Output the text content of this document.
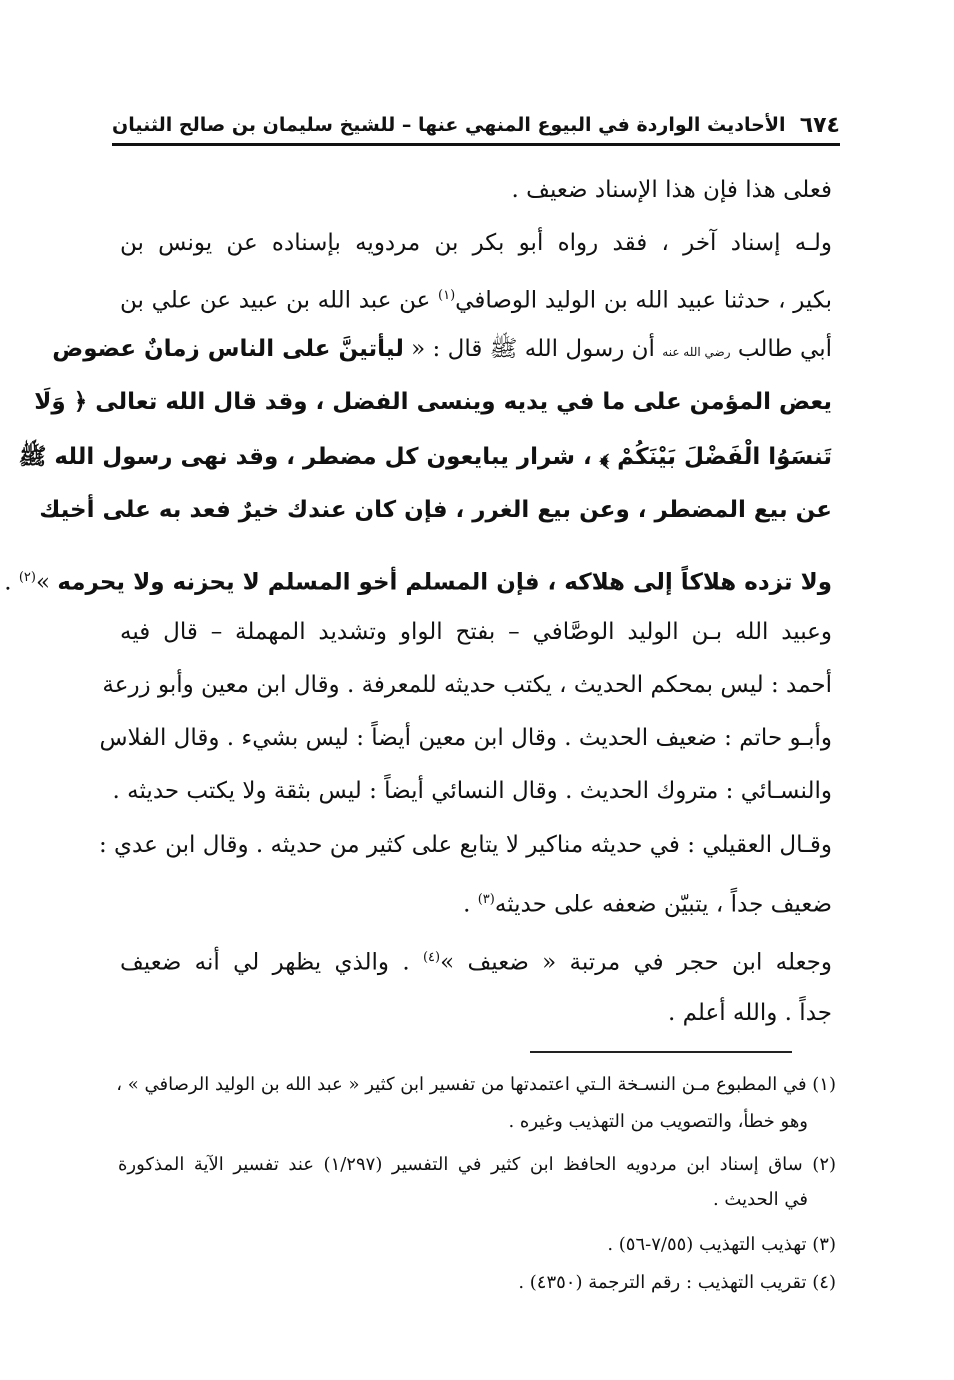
٦٧٤
الأحاديث الواردة في البيوع المنهي عنها – للشيخ سليمان بن صالح الثنيان
فعلى هذا فإن هذا الإسناد ضعيف .
ولـه إسناد آخر ، فقد رواه أبو بكر بن مردويه بإسناده عن يونس بن
بكير ، حدثنا عبيد الله بن الوليد الوصافي$^{(١)}$ عن عبد الله بن عبيد عن علي بن
أبي طالب رضي الله عنه أن رسول الله ﷺ قال : « ليأتينَّ على الناس زمانٌ عضوض
يعض المؤمن على ما في يديه وينسى الفضل ، وقد قال الله تعالى ﴿ وَلَا
تَنسَوُا الْفَضْلَ بَيْنَكُمْ ﴾ ، شرار يبايعون كل مضطر ، وقد نهى رسول الله ﷺ
عن بيع المضطر ، وعن بيع الغرر ، فإن كان عندك خيرٌ فعد به على أخيك
ولا تزده هلاكاً إلى هلاكه ، فإن المسلم أخو المسلم لا يحزنه ولا يحرمه »$^{(٢)}$ .
وعبيد الله بـن الوليد الوصَّافي – بفتح الواو وتشديد المهملة – قال فيه
أحمد : ليس بمحكم الحديث ، يكتب حديثه للمعرفة . وقال ابن معين وأبو زرعة
وأبـو حاتم : ضعيف الحديث . وقال ابن معين أيضاً : ليس بشيء . وقال الفلاس
والنسـائي : متروك الحديث . وقال النسائي أيضاً : ليس بثقة ولا يكتب حديثه .
وقـال العقيلي : في حديثه مناكير لا يتابع على كثير من حديثه . وقال ابن عدي :
ضعيف جداً ، يتبيّن ضعفه على حديثه$^{(٣)}$ .
وجعله ابن حجر في مرتبة « ضعيف »$^{(٤)}$ . والذي يظهر لي أنه ضعيف
جداً . والله أعلم .
(١) في المطبوع مـن النسـخة الـتي اعتمدتها من تفسير ابن كثير « عبد الله بن الوليد الرصافي » ،
وهو خطأ، والتصويب من التهذيب وغيره .
(٢) ساق إسناد ابن مردويه الحافظ ابن كثير في التفسير (١/٢٩٧) عند تفسير الآية المذكورة
في الحديث .
(٣) تهذيب التهذيب (٧/٥٥-٥٦) .
(٤) تقريب التهذيب : رقم الترجمة (٤٣٥٠) .
